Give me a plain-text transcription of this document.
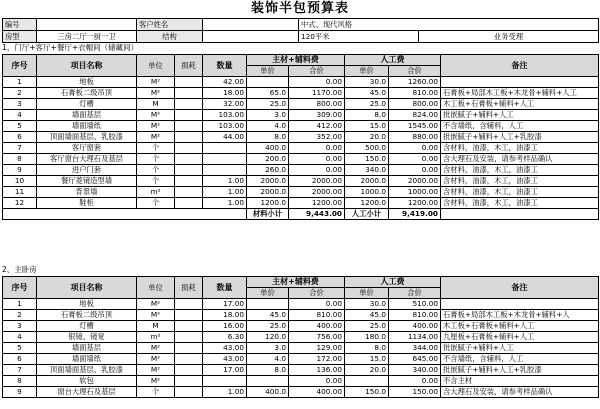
装饰半包预算表
编号		客户姓名		中式、现代风格	
房型	三房二厅一厨一卫	结构		120平米	业务受理
1、门厅+客厅+餐厅+衣帽间（储藏间）
序号	项目名称	单位	损耗	数量	主材+辅料费		人工费		备注
					单价	合价	单价	合价	
1	地板	M²		42.00		0.00	30.0	1260.00	
2	石膏板二级吊顶	M²		18.00	65.0	1170.00	45.0	810.00	石膏板+局部木工板+木龙骨+辅料+人工
3	灯槽	M		32.00	25.0	800.00	25.0	800.00	木工板+石膏板+辅料+人工
4	墙面基层	M²		103.00	3.0	309.00	8.0	824.00	批嵌腻子+辅料+人工
5	墙面墙纸	M²		103.00	4.0	412.00	15.0	1545.00	不含墙纸，含辅料，人工
6	顶面墙面基层、乳胶漆	M²		44.00	8.0	352.00	20.0	880.00	批嵌腻子+辅料+人工+乳胶漆
7	客厅窗套	个			400.0	0.00	500.0	0.00	含材料，油漆，木工，油漆工
8	客厅窗台大理石及基层	个			200.0	0.00	150.0	0.00	含大理石及安装，请参考样品确认
9	进户门套	个			260.0	0.00	340.0	0.00	含材料，油漆，木工，油漆工
10	餐厅菱镜造型墙	个		1.00	2000.0	2000.00	2000.0	2000.00	含材料，油漆，木工，油漆工
11	背景墙	m²		1.00	2000.0	2000.00	1000.0	1000.00	含材料，油漆，木工，油漆工
12	鞋柜	个		1.00	1200.0	1200.00	1200.0	1200.00	含材料，油漆，木工，油漆工
					材料小计	9,443.00	人工小计	9,419.00	
2、主卧房
序号	项目名称	单位	损耗	数量	主材+辅料费		人工费		备注
					单价	合价	单价	合价	
1	地板	M²		17.00		0.00	30.0	510.00	
2	石膏板二级吊顶	M²		18.00	45.0	810.00	45.0	810.00	石膏板+局部木工板+木龙骨+辅料+人
3	灯槽	M		16.00	25.0	400.00	25.0	400.00	木工板+石膏板+辅料+人工
4	银镜、镜宽	m²		6.30	120.0	756.00	180.0	1134.00	九厘板+石膏板+辅料+人工
5	墙面基层	M²		43.00	3.0	129.00	8.0	344.00	批嵌腻子+辅料+人工
6	墙面墙纸	M²		43.00	4.0	172.00	15.0	645.00	不含墙纸，含辅料，人工
7	顶面墙面基层、乳胶漆	M²		17.00	8.0	136.00	20.0	340.00	批嵌腻子+辅料+人工+乳胶漆
8	软包	M²				0.00		0.00	不含主材
9	窗台大理石及基层	个		1.00	400.0	400.00	150.0	150.00	含大理石及安装，请参考样品确认
